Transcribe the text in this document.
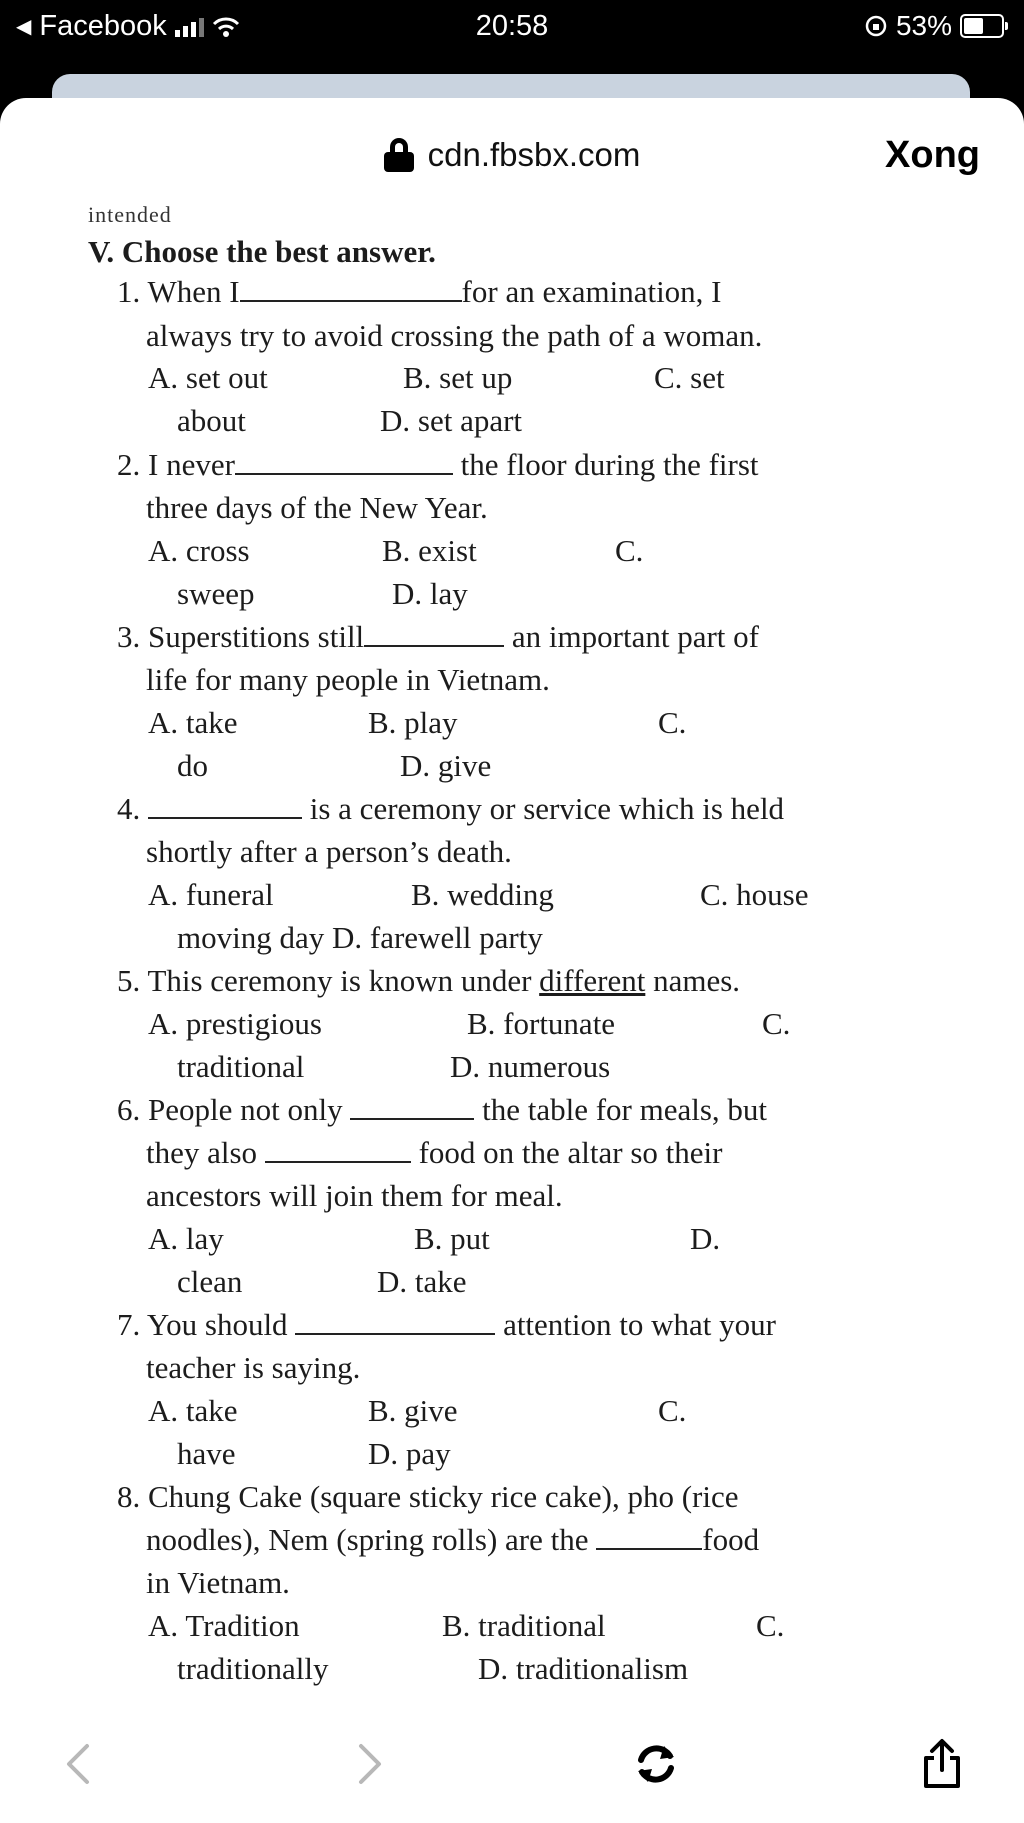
◀ Facebook	20:58	53%
cdn.fbsbx.com	Xong
intended
V. Choose the best answer.
1. When I	for an examination, I
always try to avoid crossing the path of a woman.
A. set out	B. set up	C. set
about	D. set apart
2. I never	the floor during the first
three days of the New Year.
A. cross	B. exist	C.
sweep	D. lay
3. Superstitions still	an important part of
life for many people in Vietnam.
A. take	B. play	C.
do	D. give
4.	is a ceremony or service which is held
shortly after a person’s death.
A. funeral	B. wedding	C. house
moving day D. farewell party
5. This ceremony is known under different names.
A. prestigious	B. fortunate	C.
traditional	D. numerous
6. People not only	the table for meals, but
they also	food on the altar so their
ancestors will join them for meal.
A. lay	B. put	D.
clean	D. take
7. You should	attention to what your
teacher is saying.
A. take	B. give	C.
have	D. pay
8. Chung Cake (square sticky rice cake), pho (rice
noodles), Nem (spring rolls) are the	food
in Vietnam.
A. Tradition	B. traditional	C.
traditionally	D. traditionalism
